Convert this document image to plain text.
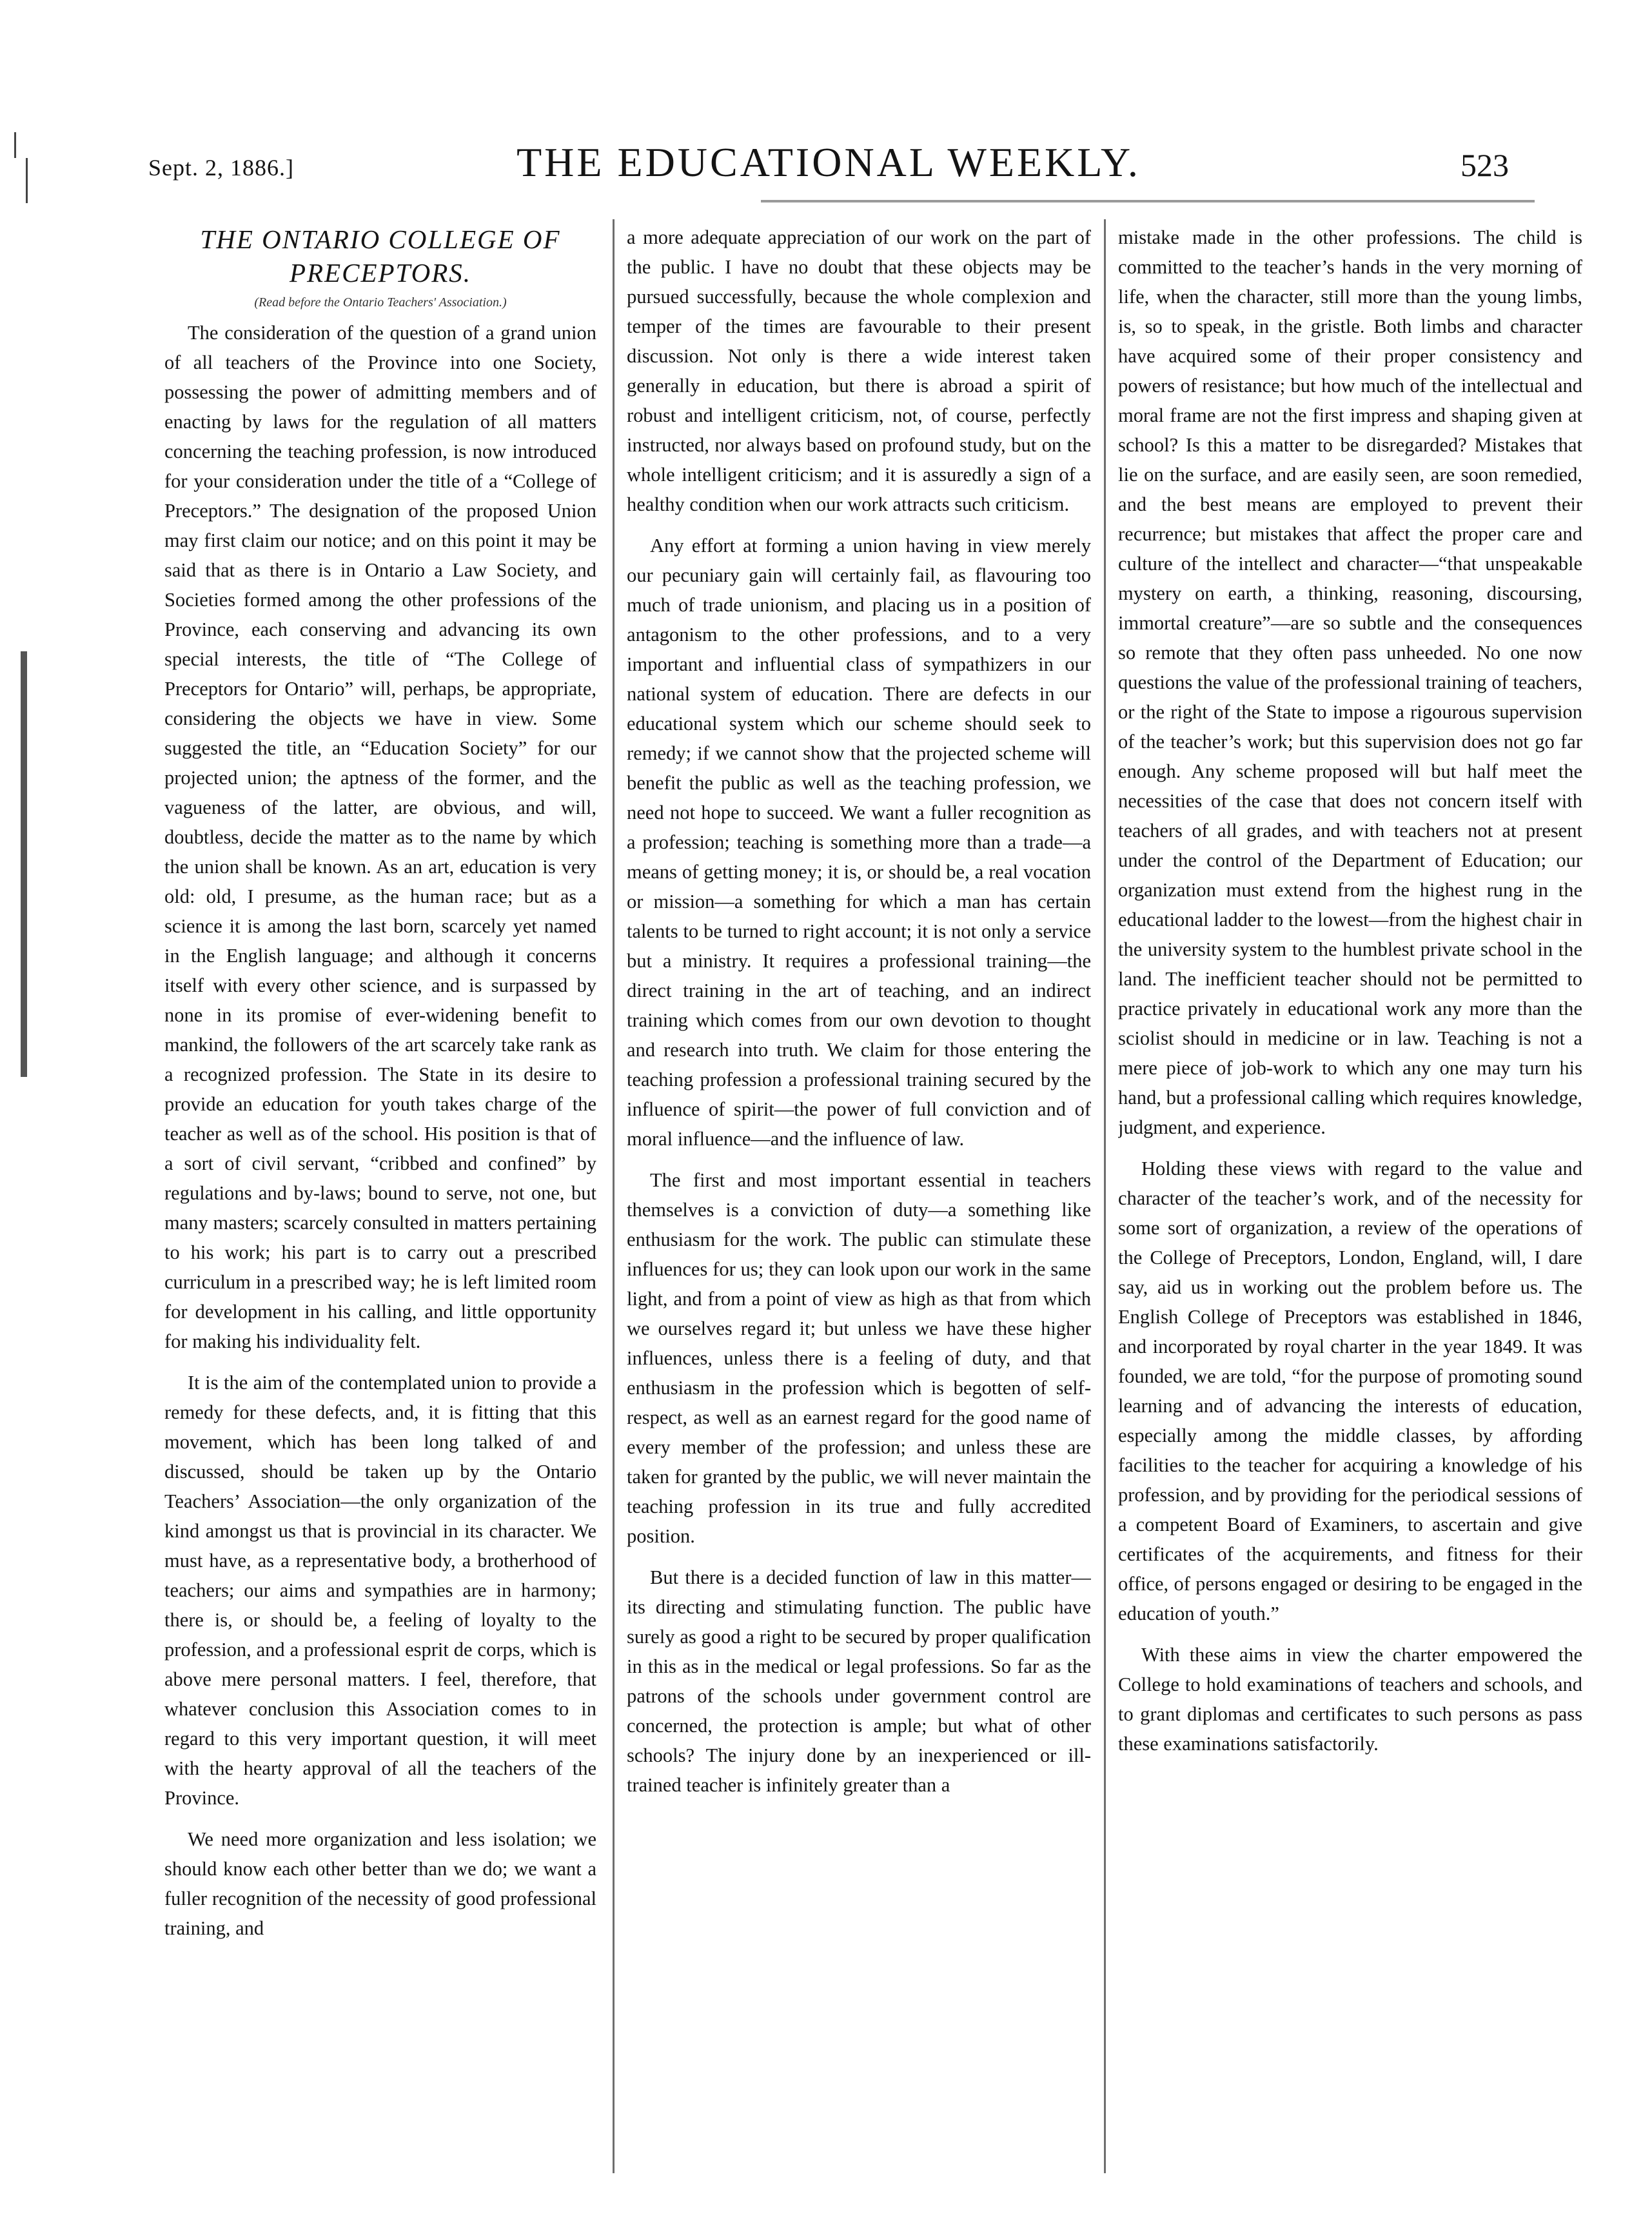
Sept. 2, 1886.]	THE EDUCATIONAL WEEKLY.	523
THE ONTARIO COLLEGE OF PRECEPTORS.
(Read before the Ontario Teachers' Association.)

The consideration of the question of a grand union of all teachers of the Province into one Society, possessing the power of admitting members and of enacting by laws for the regulation of all matters concerning the teaching profession, is now introduced for your consideration under the title of a “College of Preceptors.” The designation of the proposed Union may first claim our notice; and on this point it may be said that as there is in Ontario a Law Society, and Societies formed among the other professions of the Province, each conserving and advancing its own special interests, the title of “The College of Preceptors for Ontario” will, perhaps, be appropriate, considering the objects we have in view. Some suggested the title, an “Education Society” for our projected union; the aptness of the former, and the vagueness of the latter, are obvious, and will, doubtless, decide the matter as to the name by which the union shall be known. As an art, education is very old: old, I presume, as the human race; but as a science it is among the last born, scarcely yet named in the English language; and although it concerns itself with every other science, and is surpassed by none in its promise of ever-widening benefit to mankind, the followers of the art scarcely take rank as a recognized profession. The State in its desire to provide an education for youth takes charge of the teacher as well as of the school. His position is that of a sort of civil servant, “cribbed and confined” by regulations and by-laws; bound to serve, not one, but many masters; scarcely consulted in matters pertaining to his work; his part is to carry out a prescribed curriculum in a prescribed way; he is left limited room for development in his calling, and little opportunity for making his individuality felt.

It is the aim of the contemplated union to provide a remedy for these defects, and, it is fitting that this movement, which has been long talked of and discussed, should be taken up by the Ontario Teachers’ Association—the only organization of the kind amongst us that is provincial in its character. We must have, as a representative body, a brotherhood of teachers; our aims and sympathies are in harmony; there is, or should be, a feeling of loyalty to the profession, and a professional esprit de corps, which is above mere personal matters. I feel, therefore, that whatever conclusion this Association comes to in regard to this very important question, it will meet with the hearty approval of all the teachers of the Province.

We need more organization and less isolation; we should know each other better than we do; we want a fuller recognition of the necessity of good professional training, and

a more adequate appreciation of our work on the part of the public. I have no doubt that these objects may be pursued successfully, because the whole complexion and temper of the times are favourable to their present discussion. Not only is there a wide interest taken generally in education, but there is abroad a spirit of robust and intelligent criticism, not, of course, perfectly instructed, nor always based on profound study, but on the whole intelligent criticism; and it is assuredly a sign of a healthy condition when our work attracts such criticism.

Any effort at forming a union having in view merely our pecuniary gain will certainly fail, as flavouring too much of trade unionism, and placing us in a position of antagonism to the other professions, and to a very important and influential class of sympathizers in our national system of education. There are defects in our educational system which our scheme should seek to remedy; if we cannot show that the projected scheme will benefit the public as well as the teaching profession, we need not hope to succeed. We want a fuller recognition as a profession; teaching is something more than a trade—a means of getting money; it is, or should be, a real vocation or mission—a something for which a man has certain talents to be turned to right account; it is not only a service but a ministry. It requires a professional training—the direct training in the art of teaching, and an indirect training which comes from our own devotion to thought and research into truth. We claim for those entering the teaching profession a professional training secured by the influence of spirit—the power of full conviction and of moral influence—and the influence of law.

The first and most important essential in teachers themselves is a conviction of duty—a something like enthusiasm for the work. The public can stimulate these influences for us; they can look upon our work in the same light, and from a point of view as high as that from which we ourselves regard it; but unless we have these higher influences, unless there is a feeling of duty, and that enthusiasm in the profession which is begotten of self-respect, as well as an earnest regard for the good name of every member of the profession; and unless these are taken for granted by the public, we will never maintain the teaching profession in its true and fully accredited position.

But there is a decided function of law in this matter—its directing and stimulating function. The public have surely as good a right to be secured by proper qualification in this as in the medical or legal professions. So far as the patrons of the schools under government control are concerned, the protection is ample; but what of other schools? The injury done by an inexperienced or ill-trained teacher is infinitely greater than a

mistake made in the other professions. The child is committed to the teacher’s hands in the very morning of life, when the character, still more than the young limbs, is, so to speak, in the gristle. Both limbs and character have acquired some of their proper consistency and powers of resistance; but how much of the intellectual and moral frame are not the first impress and shaping given at school? Is this a matter to be disregarded? Mistakes that lie on the surface, and are easily seen, are soon remedied, and the best means are employed to prevent their recurrence; but mistakes that affect the proper care and culture of the intellect and character—“that unspeakable mystery on earth, a thinking, reasoning, discoursing, immortal creature”—are so subtle and the consequences so remote that they often pass unheeded. No one now questions the value of the professional training of teachers, or the right of the State to impose a rigourous supervision of the teacher’s work; but this supervision does not go far enough. Any scheme proposed will but half meet the necessities of the case that does not concern itself with teachers of all grades, and with teachers not at present under the control of the Department of Education; our organization must extend from the highest rung in the educational ladder to the lowest—from the highest chair in the university system to the humblest private school in the land. The inefficient teacher should not be permitted to practice privately in educational work any more than the sciolist should in medicine or in law. Teaching is not a mere piece of job-work to which any one may turn his hand, but a professional calling which requires knowledge, judgment, and experience.

Holding these views with regard to the value and character of the teacher’s work, and of the necessity for some sort of organization, a review of the operations of the College of Preceptors, London, England, will, I dare say, aid us in working out the problem before us. The English College of Preceptors was established in 1846, and incorporated by royal charter in the year 1849. It was founded, we are told, “for the purpose of promoting sound learning and of advancing the interests of education, especially among the middle classes, by affording facilities to the teacher for acquiring a knowledge of his profession, and by providing for the periodical sessions of a competent Board of Examiners, to ascertain and give certificates of the acquirements, and fitness for their office, of persons engaged or desiring to be engaged in the education of youth.”

With these aims in view the charter empowered the College to hold examinations of teachers and schools, and to grant diplomas and certificates to such persons as pass these examinations satisfactorily.
